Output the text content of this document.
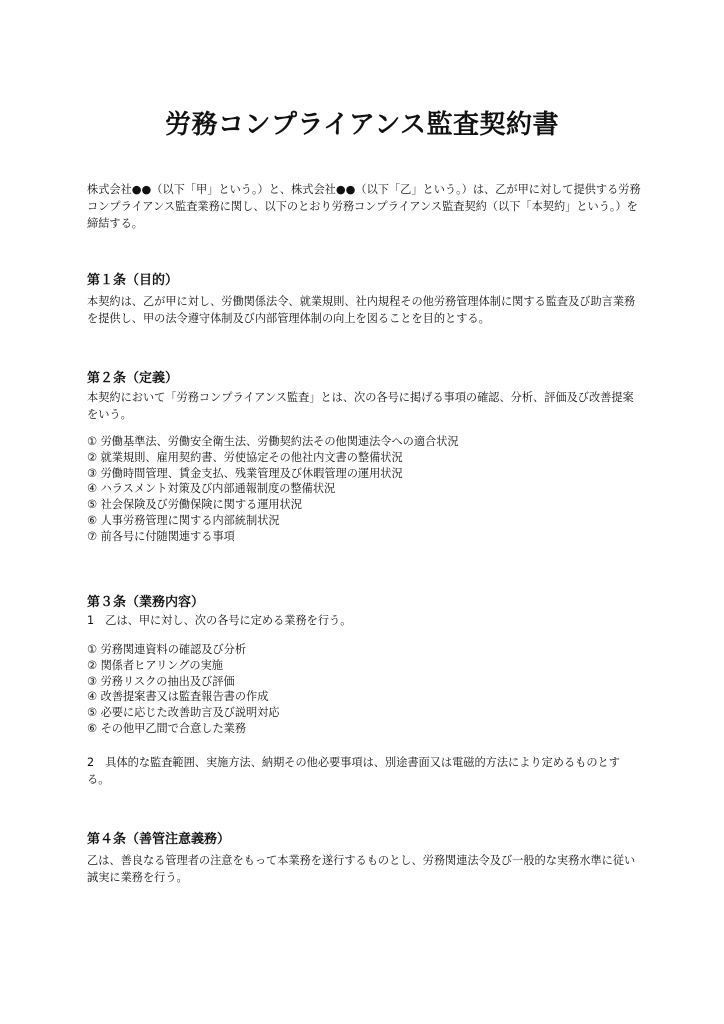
労務コンプライアンス監査契約書
株式会社●●（以下「甲」という。）と、株式会社●●（以下「乙」という。）は、乙が甲に対して提供する労務コンプライアンス監査業務に関し、以下のとおり労務コンプライアンス監査契約（以下「本契約」という。）を締結する。
第１条（目的）
本契約は、乙が甲に対し、労働関係法令、就業規則、社内規程その他労務管理体制に関する監査及び助言業務を提供し、甲の法令遵守体制及び内部管理体制の向上を図ることを目的とする。
第２条（定義）
本契約において「労務コンプライアンス監査」とは、次の各号に掲げる事項の確認、分析、評価及び改善提案をいう。
① 労働基準法、労働安全衛生法、労働契約法その他関連法令への適合状況
② 就業規則、雇用契約書、労使協定その他社内文書の整備状況
③ 労働時間管理、賃金支払、残業管理及び休暇管理の運用状況
④ ハラスメント対策及び内部通報制度の整備状況
⑤ 社会保険及び労働保険に関する運用状況
⑥ 人事労務管理に関する内部統制状況
⑦ 前各号に付随関連する事項
第３条（業務内容）
1　乙は、甲に対し、次の各号に定める業務を行う。
① 労務関連資料の確認及び分析
② 関係者ヒアリングの実施
③ 労務リスクの抽出及び評価
④ 改善提案書又は監査報告書の作成
⑤ 必要に応じた改善助言及び説明対応
⑥ その他甲乙間で合意した業務
2　具体的な監査範囲、実施方法、納期その他必要事項は、別途書面又は電磁的方法により定めるものとする。
第４条（善管注意義務）
乙は、善良なる管理者の注意をもって本業務を遂行するものとし、労務関連法令及び一般的な実務水準に従い誠実に業務を行う。
